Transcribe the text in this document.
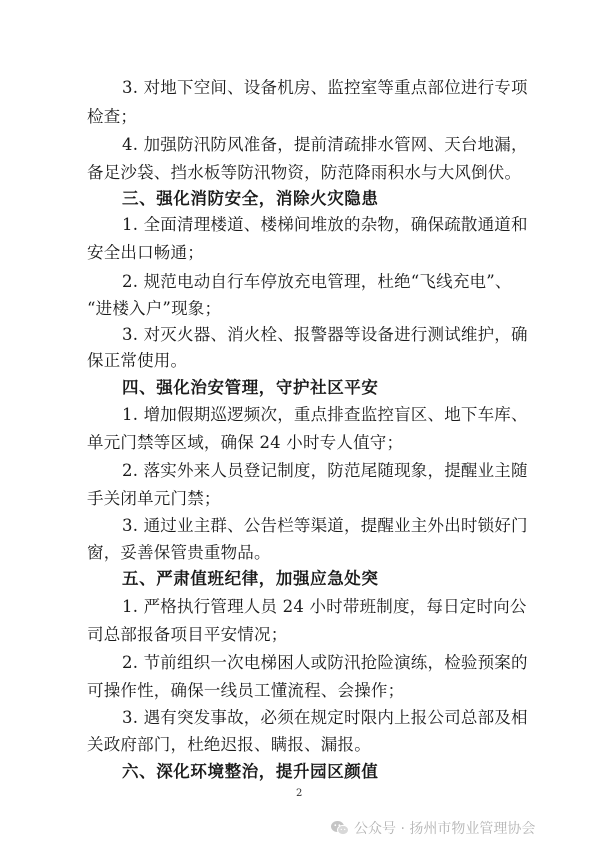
3. 对地下空间、设备机房、监控室等重点部位进行专项
检查；
4. 加强防汛防风准备，提前清疏排水管网、天台地漏，
备足沙袋、挡水板等防汛物资，防范降雨积水与大风倒伏。
三、强化消防安全，消除火灾隐患
1. 全面清理楼道、楼梯间堆放的杂物，确保疏散通道和
安全出口畅通；
2. 规范电动自行车停放充电管理，杜绝“飞线充电”、
“进楼入户”现象；
3. 对灭火器、消火栓、报警器等设备进行测试维护，确
保正常使用。
四、强化治安管理，守护社区平安
1. 增加假期巡逻频次，重点排查监控盲区、地下车库、
单元门禁等区域，确保 24 小时专人值守；
2. 落实外来人员登记制度，防范尾随现象，提醒业主随
手关闭单元门禁；
3. 通过业主群、公告栏等渠道，提醒业主外出时锁好门
窗，妥善保管贵重物品。
五、严肃值班纪律，加强应急处突
1. 严格执行管理人员 24 小时带班制度，每日定时向公
司总部报备项目平安情况；
2. 节前组织一次电梯困人或防汛抢险演练，检验预案的
可操作性，确保一线员工懂流程、会操作；
3. 遇有突发事故，必须在规定时限内上报公司总部及相
关政府部门，杜绝迟报、瞒报、漏报。
六、深化环境整治，提升园区颜值
2
公众号 · 扬州市物业管理协会
